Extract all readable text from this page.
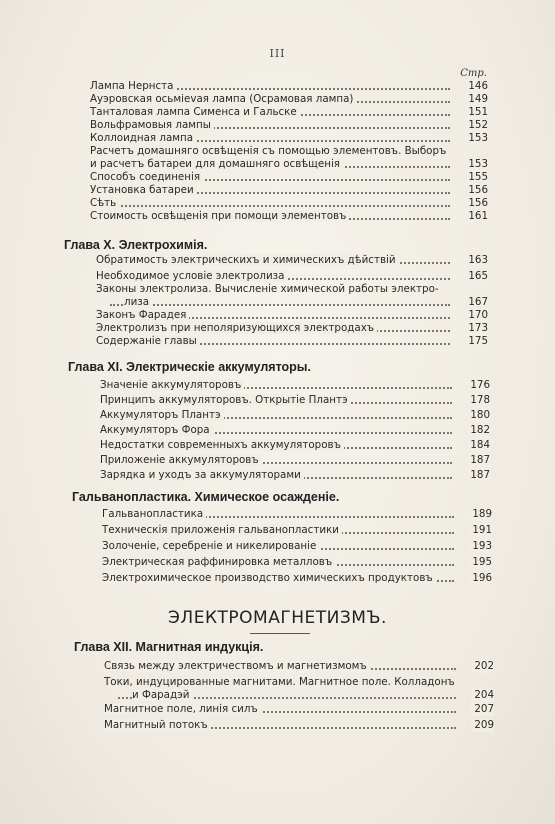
III
Стр.
Лампа Нернста	146
Ауэровская осьмievая лампа (Осрамовая лампа)	149
Танталовая лампа Сименса и Гальске	151
Вольфрамовыя лампы	152
Коллоидная лампа	153
Расчетъ домашняго освѣщенія съ помощью элементовъ. Выборъ
и расчетъ батареи для домашняго освѣщенія	153
Способъ соединенія	155
Установка батареи	156
Сѣть	156
Стоимость освѣщенія при помощи элементовъ	161
Глава X. Электрохимія.
Обратимость электрическихъ и химическихъ дѣйствій	163
Необходимое условіе электролиза	165
Законы электролиза. Вычисленіе химической работы электро-
лиза	167
Законъ Фарадея	170
Электролизъ при неполяризующихся электродахъ	173
Содержаніе главы	175
Глава XI. Электрическіе аккумуляторы.
Значеніе аккумуляторовъ	176
Принципъ аккумуляторовъ. Открытіе Плантэ	178
Аккумуляторъ Плантэ	180
Аккумуляторъ Фора	182
Недостатки современныхъ аккумуляторовъ	184
Приложеніе аккумуляторовъ	187
Зарядка и уходъ за аккумуляторами	187
Гальванопластика. Химическое осажденіе.
Гальванопластика	189
Техническія приложенія гальванопластики	191
Золоченіе, серебреніе и никелированіе	193
Электрическая раффинировка металловъ	195
Электрохимическое производство химическихъ продуктовъ	196
ЭЛЕКТРОМАГНЕТИЗМЪ.
Глава XII. Магнитная индукція.
Связь между электричествомъ и магнетизмомъ	202
Токи, индуцированные магнитами. Магнитное поле. Колладонъ
и Фарадэй	204
Магнитное поле, линія силъ	207
Магнитный потокъ	209
